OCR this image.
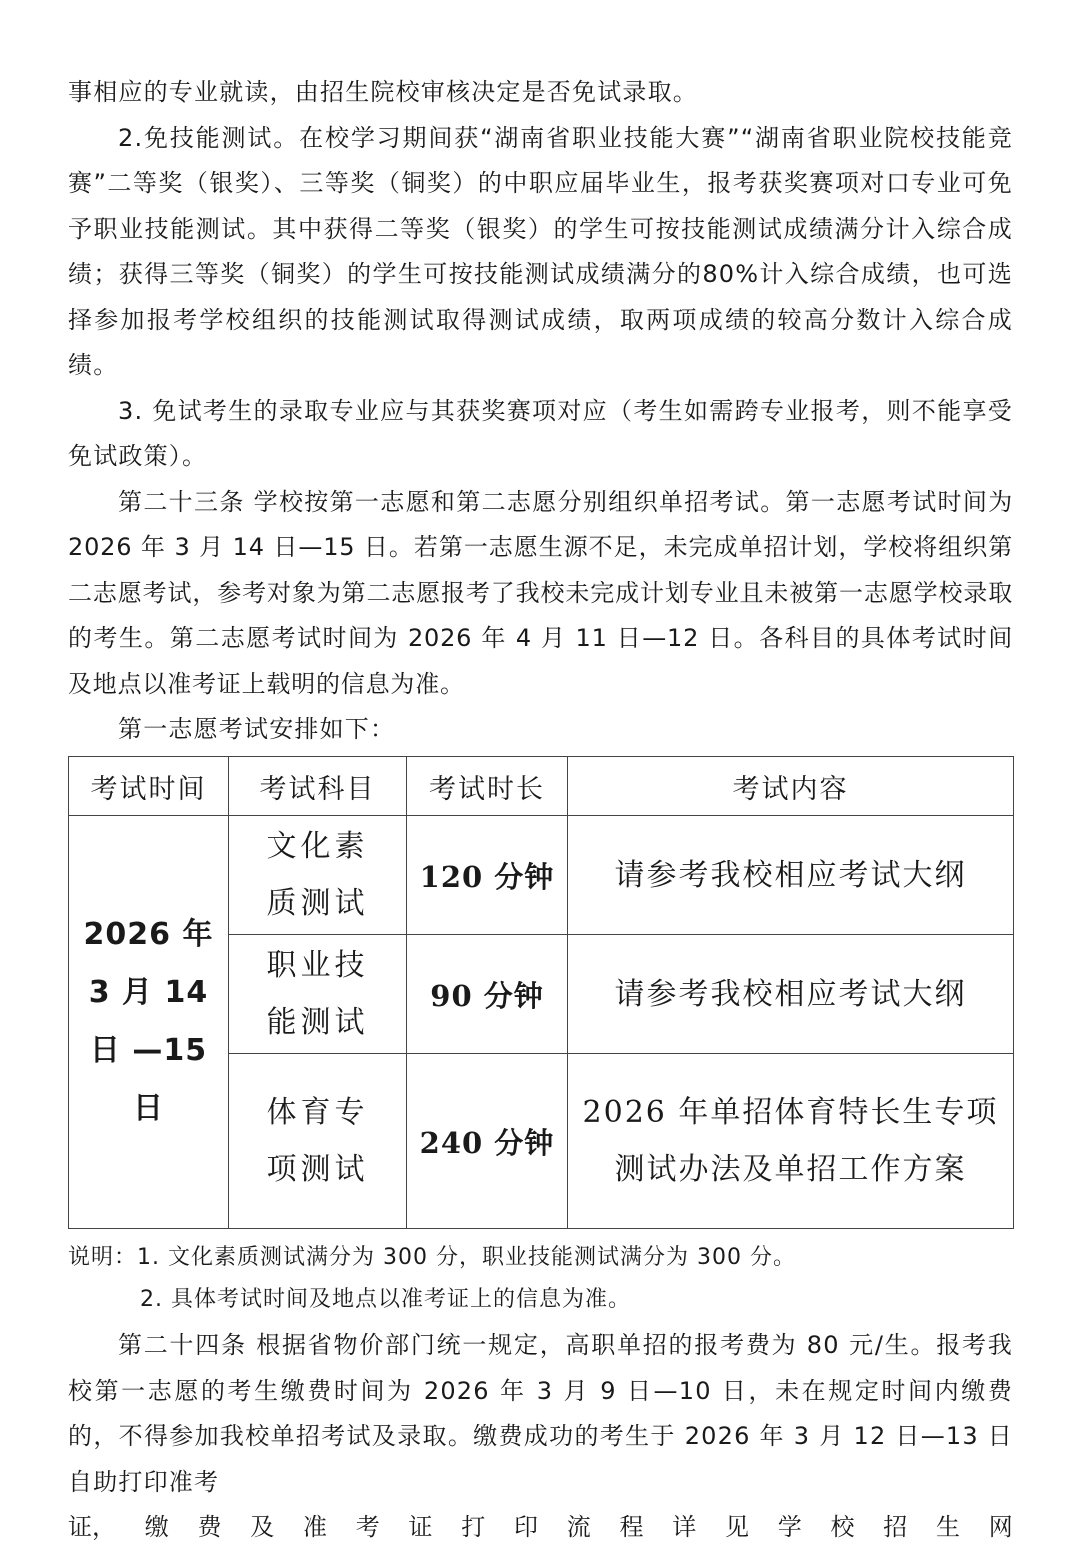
事相应的专业就读，由招生院校审核决定是否免试录取。

2.免技能测试。在校学习期间获“湖南省职业技能大赛”“湖南省职业院校技能竞赛”二等奖（银奖）、三等奖（铜奖）的中职应届毕业生，报考获奖赛项对口专业可免予职业技能测试。其中获得二等奖（银奖）的学生可按技能测试成绩满分计入综合成绩；获得三等奖（铜奖）的学生可按技能测试成绩满分的80%计入综合成绩，也可选择参加报考学校组织的技能测试取得测试成绩，取两项成绩的较高分数计入综合成绩。

3. 免试考生的录取专业应与其获奖赛项对应（考生如需跨专业报考，则不能享受免试政策）。

第二十三条 学校按第一志愿和第二志愿分别组织单招考试。第一志愿考试时间为2026 年 3 月 14 日—15 日。若第一志愿生源不足，未完成单招计划，学校将组织第二志愿考试，参考对象为第二志愿报考了我校未完成计划专业且未被第一志愿学校录取的考生。第二志愿考试时间为 2026 年 4 月 11 日—12 日。各科目的具体考试时间及地点以准考证上载明的信息为准。

第一志愿考试安排如下：

考试时间	考试科目	考试时长	考试内容
2026 年 3 月 14 日 —15 日	文化素质测试	120 分钟	请参考我校相应考试大纲
	职业技能测试	90 分钟	请参考我校相应考试大纲
	体育专项测试	240 分钟	2026 年单招体育特长生专项测试办法及单招工作方案

说明：1. 文化素质测试满分为 300 分，职业技能测试满分为 300 分。

2. 具体考试时间及地点以准考证上的信息为准。

第二十四条 根据省物价部门统一规定，高职单招的报考费为 80 元/生。报考我校第一志愿的考生缴费时间为 2026 年 3 月 9 日—10 日，未在规定时间内缴费的，不得参加我校单招考试及录取。缴费成功的考生于 2026 年 3 月 12 日—13 日自助打印准考

证， 缴 费 及 准 考 证 打 印 流 程 详 见 学 校 招 生 网
